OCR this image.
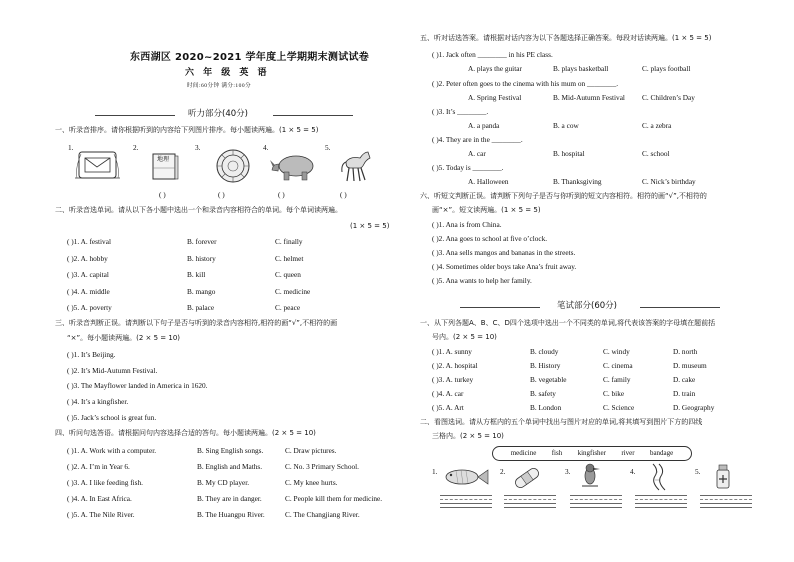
东西湖区 2020~2021 学年度上学期期末测试试卷
六 年 级 英 语
时间:60分钟 满分:100分
听力部分(40分)
一、听录音排序。请你根据听到的内容给下列图片排序。每小题读两遍。(1 × 5 = 5)
1.	2.
地理
3.	4.	5.
( )	( )	( )	( )
二、听录音选单词。请从以下各小题中选出一个和录音内容相符合的单词。每个单词读两遍。
(1 × 5 = 5)
( )1. A. festival	B. forever	C. finally
( )2. A. hobby	B. history	C. helmet
( )3. A. capital	B. kill	C. queen
( )4. A. middle	B. mango	C. medicine
( )5. A. poverty	B. palace	C. peace
三、听录音判断正误。请判断以下句子是否与听到的录音内容相符,相符的画“√”,不相符的画
“×”。每小题读两遍。(2 × 5 = 10)
( )1. It’s Beijing.
( )2. It’s Mid-Autumn Festival.
( )3. The Mayflower landed in America in 1620.
( )4. It’s a kingfisher.
( )5. Jack’s school is great fun.
四、听问句选答语。请根据问句内容选择合适的答句。每小题读两遍。(2 × 5 = 10)
( )1. A. Work with a computer.	B. Sing English songs.	C. Draw pictures.
( )2. A. I’m in Year 6.	B. English and Maths.	C. No. 3 Primary School.
( )3. A. I like feeding fish.	B. My CD player.	C. My knee hurts.
( )4. A. In East Africa.	B. They are in danger.	C. People kill them for medicine.
( )5. A. The Nile River.	B. The Huangpu River.	C. The Changjiang River.
五、听对话选答案。请根据对话内容为以下各题选择正确答案。每段对话读两遍。(1 × 5 = 5)
( )1. Jack often ________ in his PE class.
A. plays the guitar	B. plays basketball	C. plays football
( )2. Peter often goes to the cinema with his mum on ________.
A. Spring Festival	B. Mid-Autumn Festival C. Children’s Day
( )3. It’s ________.
A. a panda	B. a cow	C. a zebra
( )4. They are in the ________.
A. car	B. hospital	C. school
( )5. Today is ________.
A. Halloween	B. Thanksgiving	C. Nick’s birthday
六、听短文判断正误。请判断下列句子是否与你听到的短文内容相符。相符的画“√”,不相符的
画“×”。短文读两遍。(1 × 5 = 5)
( )1. Ana is from China.
( )2. Ana goes to school at five o’clock.
( )3. Ana sells mangos and bananas in the streets.
( )4. Sometimes older boys take Ana’s fruit away.
( )5. Ana wants to help her family.
笔试部分(60分)
一、从下列各题A、B、C、D四个选项中选出一个不同类的单词,将代表该答案的字母填在题前括
号内。(2 × 5 = 10)
( )1. A. sunny	B. cloudy	C. windy	D. north
( )2. A. hospital	B. History	C. cinema	D. museum
( )3. A. turkey	B. vegetable	C. family	D. cake
( )4. A. car	B. safety	C. bike	D. train
( )5. A. Art	B. London	C. Science	D. Geography
二、看图选词。请从方框内的五个单词中找出与图片对应的单词,将其填写到图片下方的四线
三格内。(2 × 5 = 10)
medicine fish kingfisher river bandage
1.	2.	3.	4.	5.
